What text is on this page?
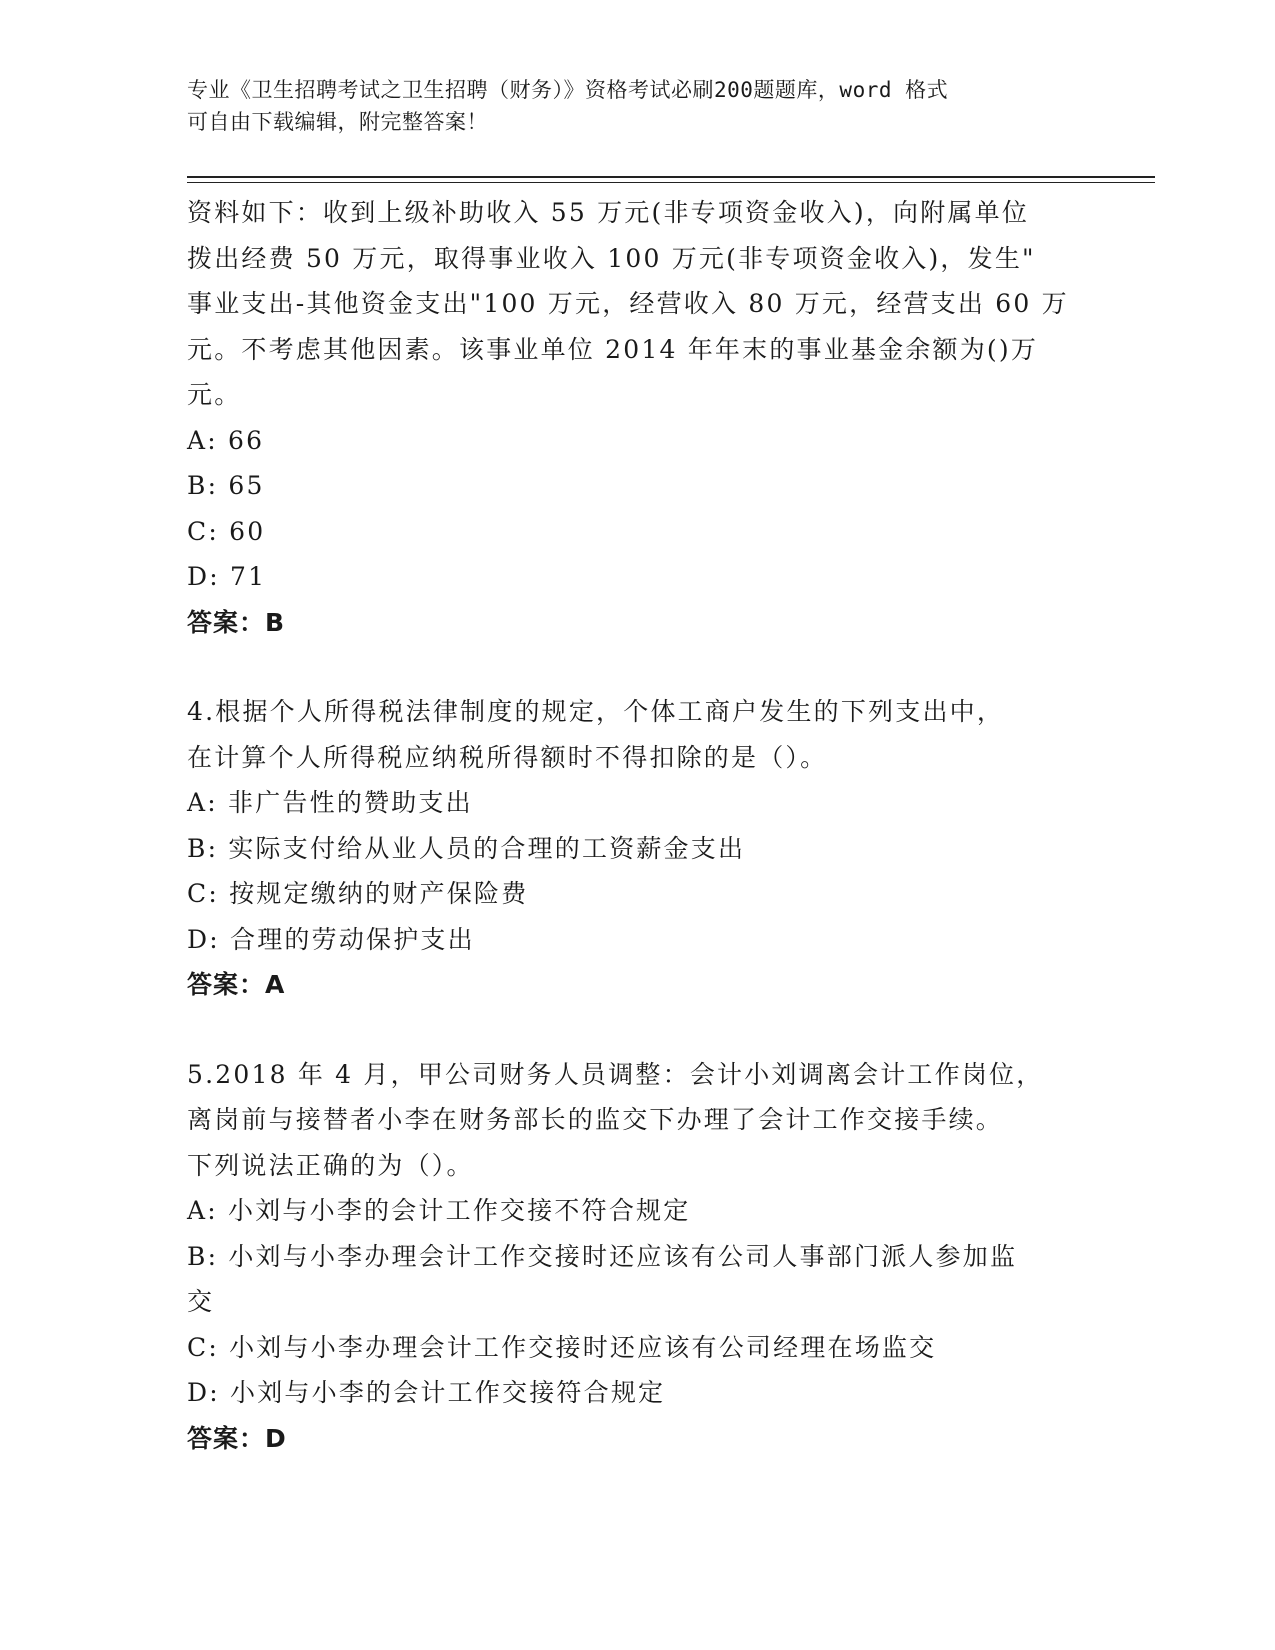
专业《卫生招聘考试之卫生招聘（财务）》资格考试必刷200题题库，word 格式
可自由下载编辑，附完整答案！
资料如下：收到上级补助收入 55 万元(非专项资金收入)，向附属单位
拨出经费 50 万元，取得事业收入 100 万元(非专项资金收入)，发生"
事业支出-其他资金支出"100 万元，经营收入 80 万元，经营支出 60 万
元。不考虑其他因素。该事业单位 2014 年年末的事业基金余额为()万
元。
A: 66
B: 65
C: 60
D: 71
答案：B
4.根据个人所得税法律制度的规定，个体工商户发生的下列支出中，
在计算个人所得税应纳税所得额时不得扣除的是（）。
A: 非广告性的赞助支出
B: 实际支付给从业人员的合理的工资薪金支出
C: 按规定缴纳的财产保险费
D: 合理的劳动保护支出
答案：A
5.2018 年 4 月，甲公司财务人员调整：会计小刘调离会计工作岗位，
离岗前与接替者小李在财务部长的监交下办理了会计工作交接手续。
下列说法正确的为（）。
A: 小刘与小李的会计工作交接不符合规定
B: 小刘与小李办理会计工作交接时还应该有公司人事部门派人参加监
交
C: 小刘与小李办理会计工作交接时还应该有公司经理在场监交
D: 小刘与小李的会计工作交接符合规定
答案：D
